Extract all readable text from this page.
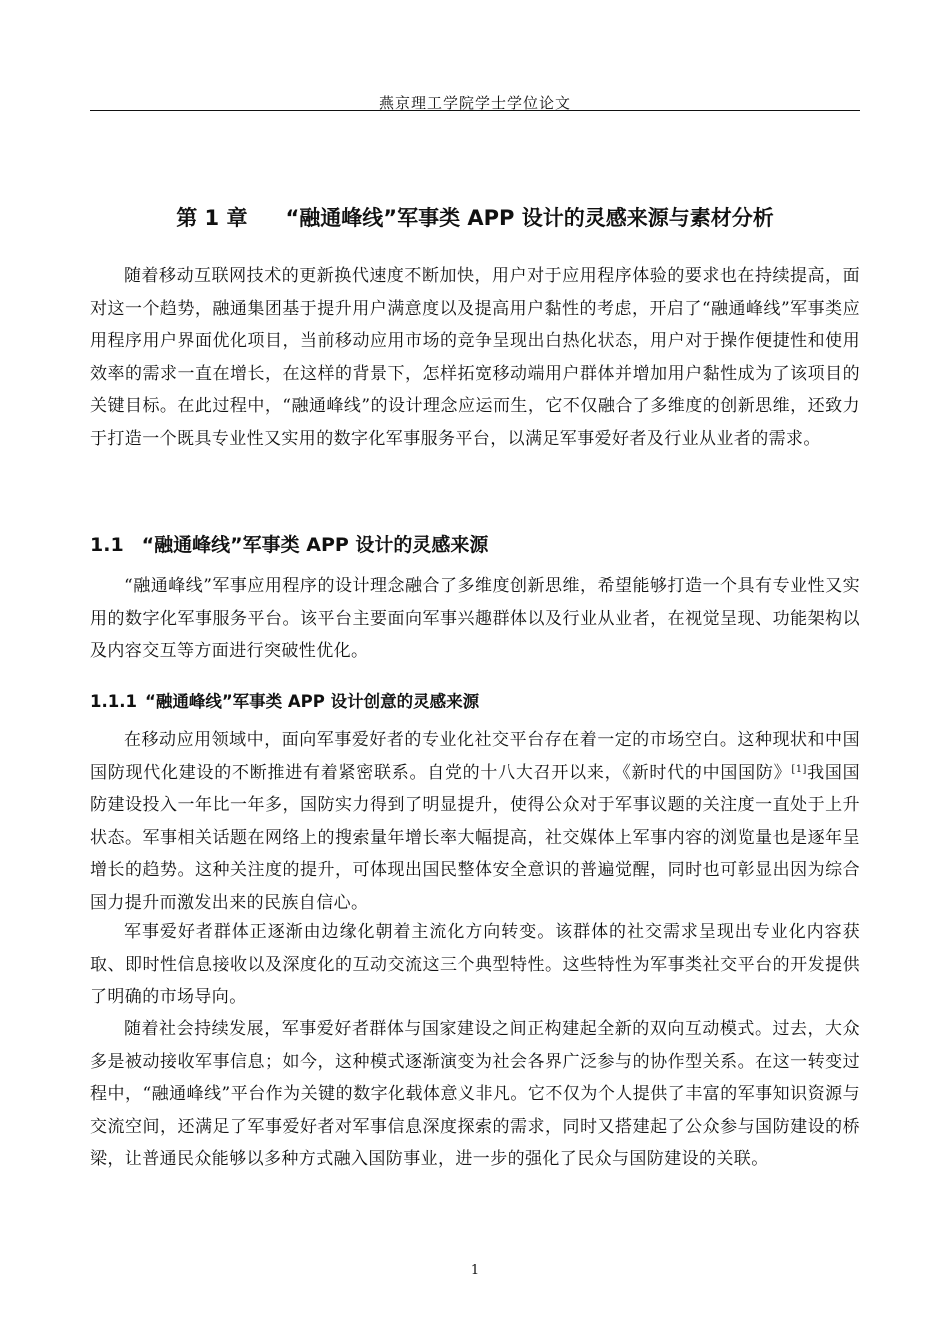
燕京理工学院学士学位论文
第 1 章 “融通峰线”军事类 APP 设计的灵感来源与素材分析

随着移动互联网技术的更新换代速度不断加快，用户对于应用程序体验的要求也在持续提高，面对这一个趋势，融通集团基于提升用户满意度以及提高用户黏性的考虑，开启了“融通峰线”军事类应用程序用户界面优化项目，当前移动应用市场的竞争呈现出白热化状态，用户对于操作便捷性和使用效率的需求一直在增长，在这样的背景下，怎样拓宽移动端用户群体并增加用户黏性成为了该项目的关键目标。在此过程中，“融通峰线”的设计理念应运而生，它不仅融合了多维度的创新思维，还致力于打造一个既具专业性又实用的数字化军事服务平台，以满足军事爱好者及行业从业者的需求。

1.1 “融通峰线”军事类 APP 设计的灵感来源

“融通峰线”军事应用程序的设计理念融合了多维度创新思维，希望能够打造一个具有专业性又实用的数字化军事服务平台。该平台主要面向军事兴趣群体以及行业从业者，在视觉呈现、功能架构以及内容交互等方面进行突破性优化。

1.1.1 “融通峰线”军事类 APP 设计创意的灵感来源

在移动应用领域中，面向军事爱好者的专业化社交平台存在着一定的市场空白。这种现状和中国国防现代化建设的不断推进有着紧密联系。自党的十八大召开以来，《新时代的中国国防》[1]我国国防建设投入一年比一年多，国防实力得到了明显提升，使得公众对于军事议题的关注度一直处于上升状态。军事相关话题在网络上的搜索量年增长率大幅提高，社交媒体上军事内容的浏览量也是逐年呈增长的趋势。这种关注度的提升，可体现出国民整体安全意识的普遍觉醒，同时也可彰显出因为综合国力提升而激发出来的民族自信心。

军事爱好者群体正逐渐由边缘化朝着主流化方向转变。该群体的社交需求呈现出专业化内容获取、即时性信息接收以及深度化的互动交流这三个典型特性。这些特性为军事类社交平台的开发提供了明确的市场导向。

随着社会持续发展，军事爱好者群体与国家建设之间正构建起全新的双向互动模式。过去，大众多是被动接收军事信息；如今，这种模式逐渐演变为社会各界广泛参与的协作型关系。在这一转变过程中，“融通峰线”平台作为关键的数字化载体意义非凡。它不仅为个人提供了丰富的军事知识资源与交流空间，还满足了军事爱好者对军事信息深度探索的需求，同时又搭建起了公众参与国防建设的桥梁，让普通民众能够以多种方式融入国防事业，进一步的强化了民众与国防建设的关联。

1
